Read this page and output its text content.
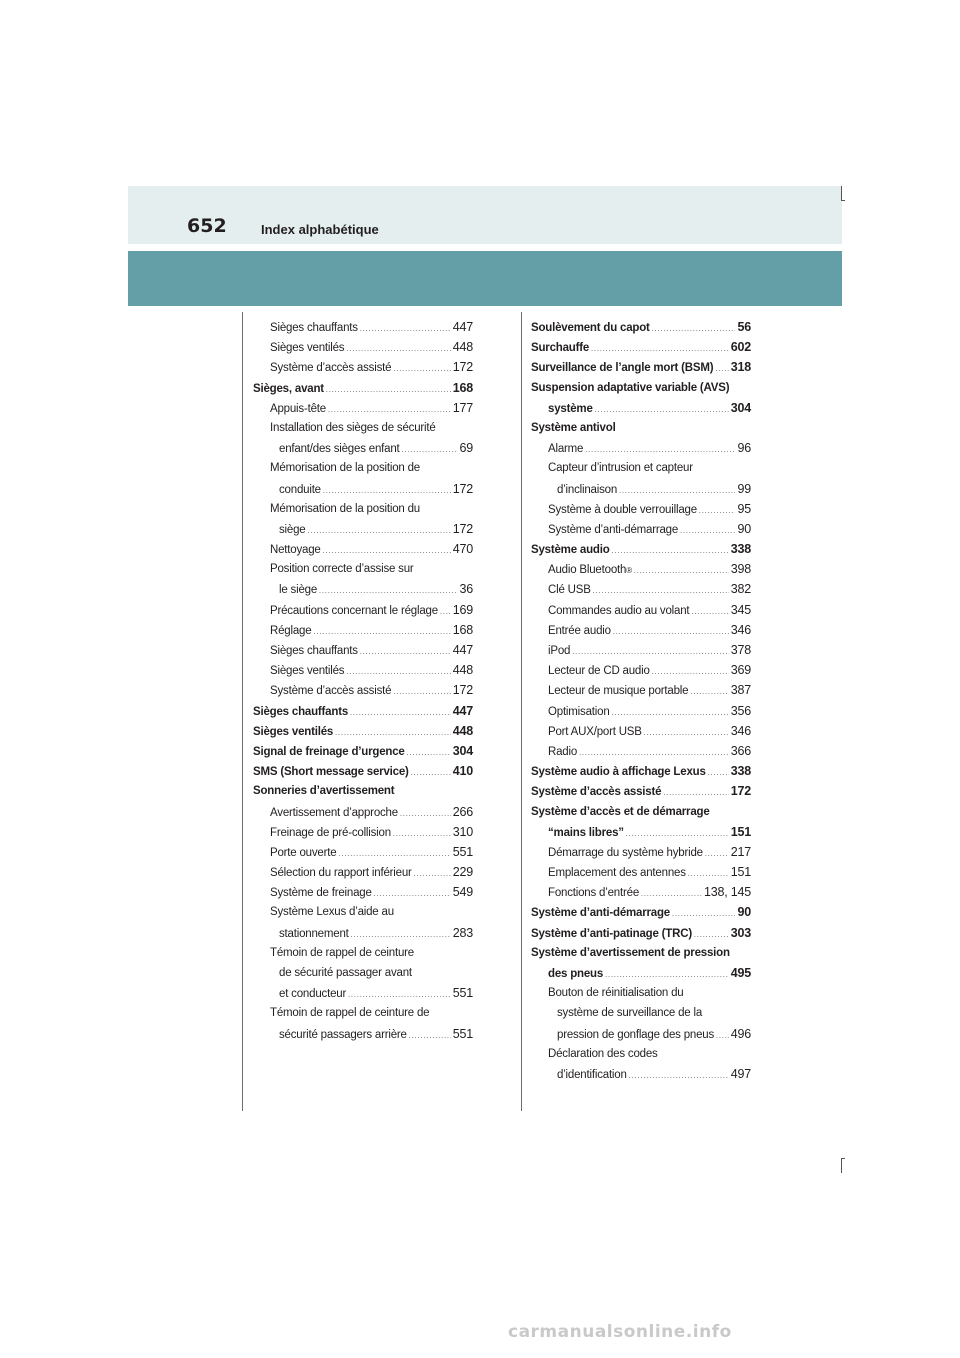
652	Index alphabétique
Sièges chauffants .....	447
Sièges ventilés .....	448
Système d’accès assisté .....	172
Sièges, avant .....	168
Appuis-tête .....	177
Installation des sièges de sécurité
enfant/des sièges enfant .....	69
Mémorisation de la position de
conduite .....	172
Mémorisation de la position du
siège .....	172
Nettoyage .....	470
Position correcte d’assise sur
le siège .....	36
Précautions concernant le réglage ..... 169
Réglage .....	168
Sièges chauffants .....	447
Sièges ventilés .....	448
Système d’accès assisté .....	172
Sièges chauffants .....	447
Sièges ventilés .....	448
Signal de freinage d’urgence .....	304
SMS (Short message service) .....	410
Sonneries d’avertissement
Avertissement d’approche .....	266
Freinage de pré-collision .....	310
Porte ouverte .....	551
Sélection du rapport inférieur .....	229
Système de freinage .....	549
Système Lexus d’aide au
stationnement .....	283
Témoin de rappel de ceinture
de sécurité passager avant
et conducteur .....	551
Témoin de rappel de ceinture de
sécurité passagers arrière .....	551
Soulèvement du capot .....	56
Surchauffe .....	602
Surveillance de l’angle mort (BSM) ..... 318
Suspension adaptative variable (AVS)
système .....	304
Système antivol
Alarme .....	96
Capteur d’intrusion et capteur
d’inclinaison .....	99
Système à double verrouillage .....	95
Système d’anti-démarrage .....	90
Système audio .....	338
Audio Bluetooth ® .....	398
Clé USB .....	382
Commandes audio au volant .....	345
Entrée audio .....	346
iPod .....	378
Lecteur de CD audio .....	369
Lecteur de musique portable .....	387
Optimisation .....	356
Port AUX/port USB .....	346
Radio .....	366
Système audio à affichage Lexus ..... 338
Système d’accès assisté .....	172
Système d’accès et de démarrage
“mains libres” .....	151
Démarrage du système hybride ..... 217
Emplacement des antennes .....	151
Fonctions d’entrée .....	138, 145
Système d’anti-démarrage .....	90
Système d’anti-patinage (TRC) .....	303
Système d’avertissement de pression
des pneus .....	495
Bouton de réinitialisation du
système de surveillance de la
pression de gonflage des pneus ..... 496
Déclaration des codes
d’identification .....	497
carmanualsonline.info
